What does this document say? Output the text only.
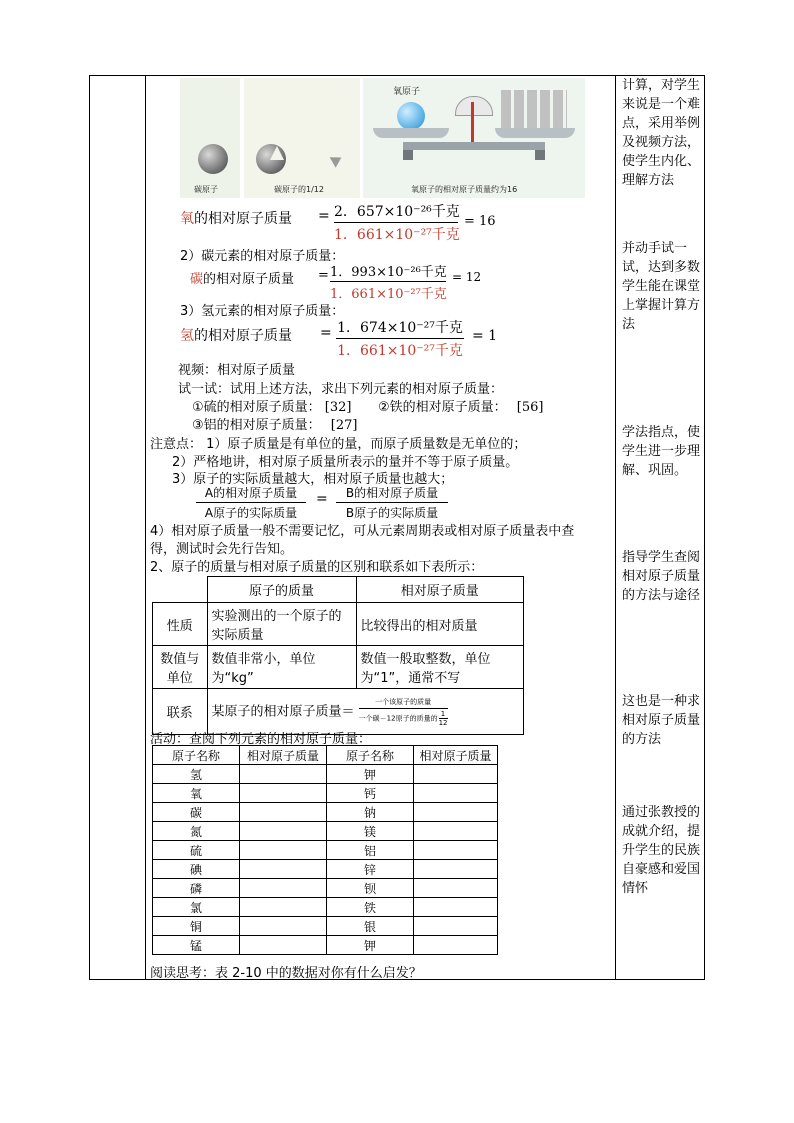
碳原子	碳原子的1/12
氧原子
氧原子的相对原子质量约为16
氧的相对原子质量 = 2．657×10⁻²⁶千克
1．661×10⁻²⁷千克
= 16
2）碳元素的相对原子质量：
碳的相对原子质量 = 1．993×10⁻²⁶千克
1．661×10⁻²⁷千克
= 12
3）氢元素的相对原子质量：
氢的相对原子质量 = 1．674×10⁻²⁷千克
1．661×10⁻²⁷千克
= 1
视频：相对原子质量
试一试：试用上述方法，求出下列元素的相对原子质量：
①硫的相对原子质量： [32] ②铁的相对原子质量： [56]
③铝的相对原子质量： [27]
注意点： 1）原子质量是有单位的量，而原子质量数是无单位的；
2）严格地讲，相对原子质量所表示的量并不等于原子质量。
3）原子的实际质量越大，相对原子质量也越大；
A的相对原子质量
A原子的实际质量
=	B的相对原子质量
B原子的实际质量
4）相对原子质量一般不需要记忆，可从元素周期表或相对原子质量表中查
得，测试时会先行告知。
2、原子的质量与相对原子质量的区别和联系如下表所示：
	原子的质量	相对原子质量
性质	实验测出的一个原子的实际质量	比较得出的相对质量
数值与单位	数值非常小，单位为“kg”	数值一般取整数，单位为“1”，通常不写
联系	某原子的相对原子质量＝
一个该原子的质量
一个碳－12原子的质量的 $\frac{1}{12}$
活动：查阅下列元素的相对原子质量：
原子名称	相对原子质量	原子名称	相对原子质量
氢		钾	
氧		钙	
碳		钠	
氮		镁	
硫		铝	
碘		锌	
磷		钡	
氯		铁	
铜		银	
锰		钾	
阅读思考：表 2-10 中的数据对你有什么启发？
计算，对学生来说是一个难点，采用举例及视频方法，使学生内化、理解方法
并动手试一试，达到多数学生能在课堂上掌握计算方法
学法指点，使学生进一步理解、巩固。
指导学生查阅相对原子质量的方法与途径
这也是一种求相对原子质量的方法
通过张教授的成就介绍，提升学生的民族自豪感和爱国情怀
